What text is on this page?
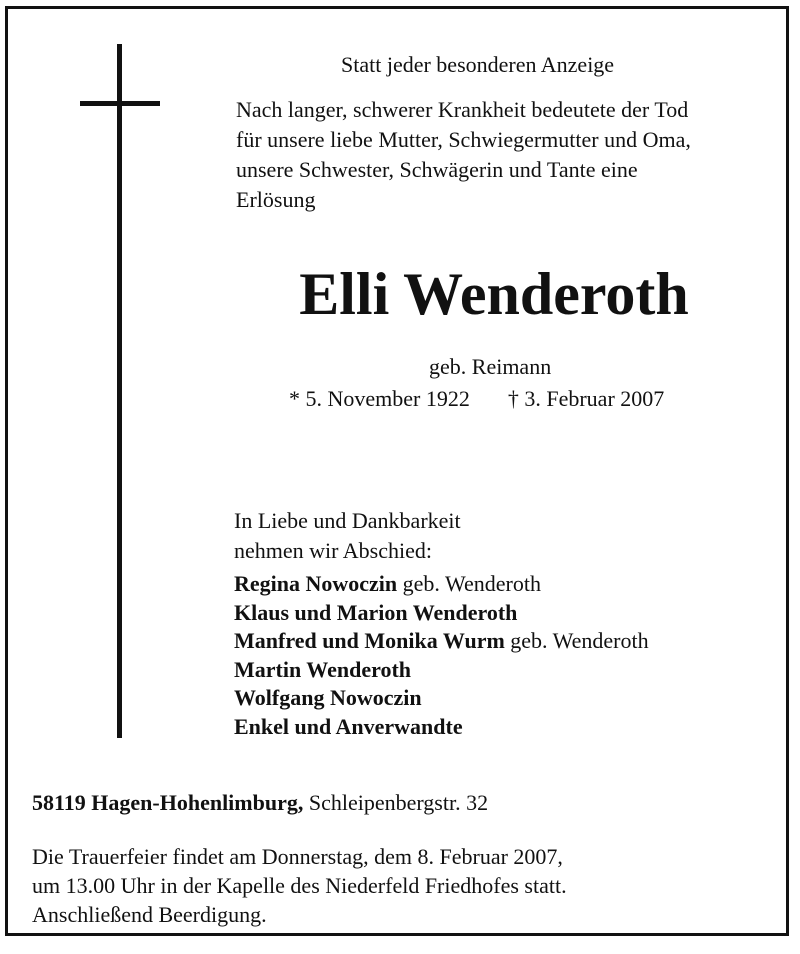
Statt jeder besonderen Anzeige
Nach langer, schwerer Krankheit bedeutete der Tod
für unsere liebe Mutter, Schwiegermutter und Oma,
unsere Schwester, Schwägerin und Tante eine
Erlösung
Elli Wenderoth
geb. Reimann
* 5. November 1922 † 3. Februar 2007
In Liebe und Dankbarkeit
nehmen wir Abschied:
Regina Nowoczin geb. Wenderoth
Klaus und Marion Wenderoth
Manfred und Monika Wurm geb. Wenderoth
Martin Wenderoth
Wolfgang Nowoczin
Enkel und Anverwandte
58119 Hagen-Hohenlimburg, Schleipenbergstr. 32
Die Trauerfeier findet am Donnerstag, dem 8. Februar 2007,
um 13.00 Uhr in der Kapelle des Niederfeld Friedhofes statt.
Anschließend Beerdigung.
